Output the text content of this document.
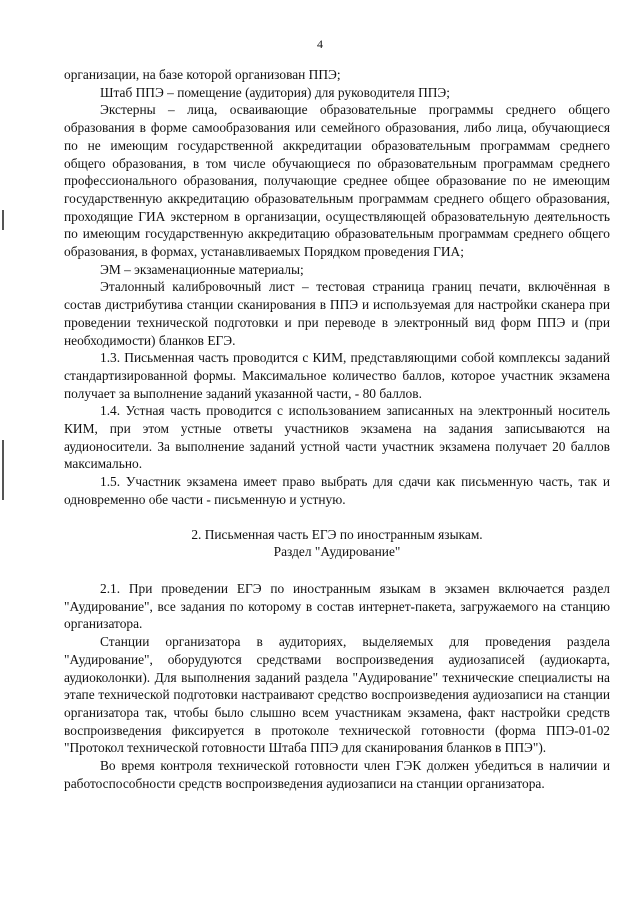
4

организации, на базе которой организован ППЭ;

Штаб ППЭ – помещение (аудитория) для руководителя ППЭ;

Экстерны – лица, осваивающие образовательные программы среднего общего образования в форме самообразования или семейного образования, либо лица, обучающиеся по не имеющим государственной аккредитации образовательным программам среднего общего образования, в том числе обучающиеся по образовательным программам среднего профессионального образования, получающие среднее общее образование по не имеющим государственную аккредитацию образовательным программам среднего общего образования, проходящие ГИА экстерном в организации, осуществляющей образовательную деятельность по имеющим государственную аккредитацию образовательным программам среднего общего образования, в формах, устанавливаемых Порядком проведения ГИА;

ЭМ – экзаменационные материалы;

Эталонный калибровочный лист – тестовая страница границ печати, включённая в состав дистрибутива станции сканирования в ППЭ и используемая для настройки сканера при проведении технической подготовки и при переводе в электронный вид форм ППЭ и (при необходимости) бланков ЕГЭ.

1.3. Письменная часть проводится с КИМ, представляющими собой комплексы заданий стандартизированной формы. Максимальное количество баллов, которое участник экзамена получает за выполнение заданий указанной части, - 80 баллов.

1.4. Устная часть проводится с использованием записанных на электронный носитель КИМ, при этом устные ответы участников экзамена на задания записываются на аудионосители. За выполнение заданий устной части участник экзамена получает 20 баллов максимально.

1.5. Участник экзамена имеет право выбрать для сдачи как письменную часть, так и одновременно обе части - письменную и устную.

2. Письменная часть ЕГЭ по иностранным языкам.

Раздел "Аудирование"

2.1. При проведении ЕГЭ по иностранным языкам в экзамен включается раздел "Аудирование", все задания по которому в состав интернет-пакета, загружаемого на станцию организатора.

Станции организатора в аудиториях, выделяемых для проведения раздела "Аудирование", оборудуются средствами воспроизведения аудиозаписей (аудиокарта, аудиоколонки). Для выполнения заданий раздела "Аудирование" технические специалисты на этапе технической подготовки настраивают средство воспроизведения аудиозаписи на станции организатора так, чтобы было слышно всем участникам экзамена, факт настройки средств воспроизведения фиксируется в протоколе технической готовности (форма ППЭ-01-02 "Протокол технической готовности Штаба ППЭ для сканирования бланков в ППЭ").

Во время контроля технической готовности член ГЭК должен убедиться в наличии и работоспособности средств воспроизведения аудиозаписи на станции организатора.
